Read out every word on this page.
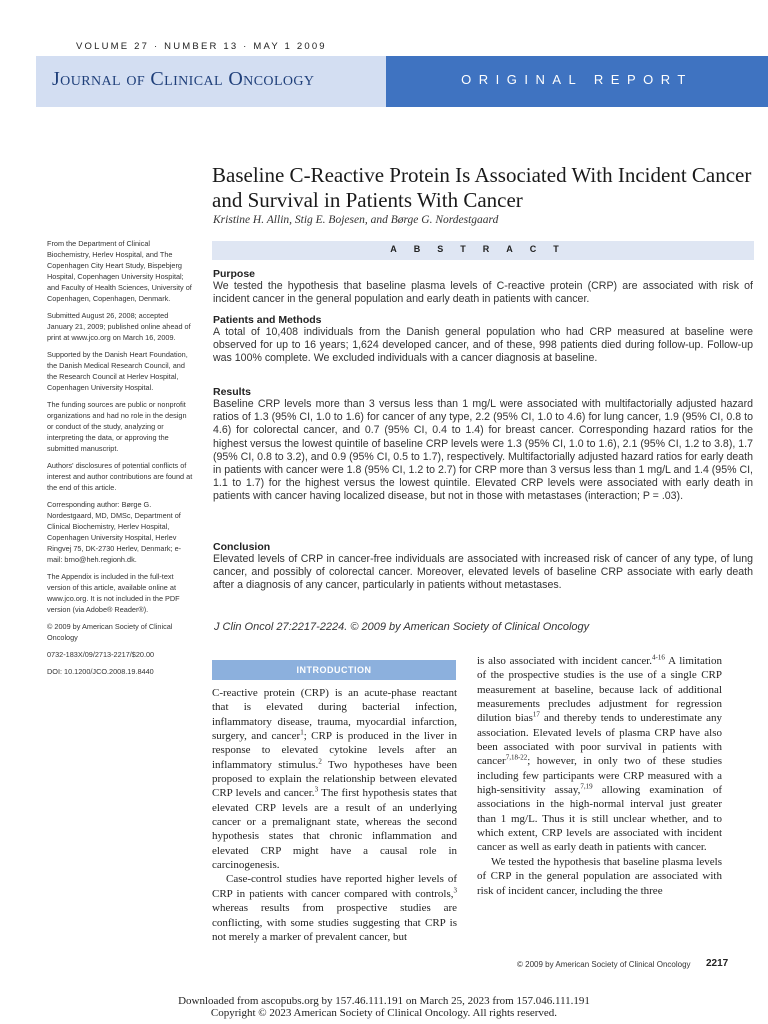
VOLUME 27 · NUMBER 13 · MAY 1 2009
Journal of Clinical Oncology	ORIGINAL REPORT
Baseline C-Reactive Protein Is Associated With Incident Cancer and Survival in Patients With Cancer
Kristine H. Allin, Stig E. Bojesen, and Børge G. Nordestgaard
ABSTRACT
Purpose
We tested the hypothesis that baseline plasma levels of C-reactive protein (CRP) are associated with risk of incident cancer in the general population and early death in patients with cancer.
Patients and Methods
A total of 10,408 individuals from the Danish general population who had CRP measured at baseline were observed for up to 16 years; 1,624 developed cancer, and of these, 998 patients died during follow-up. Follow-up was 100% complete. We excluded individuals with a cancer diagnosis at baseline.
Results
Baseline CRP levels more than 3 versus less than 1 mg/L were associated with multifactorially adjusted hazard ratios of 1.3 (95% CI, 1.0 to 1.6) for cancer of any type, 2.2 (95% CI, 1.0 to 4.6) for lung cancer, 1.9 (95% CI, 0.8 to 4.6) for colorectal cancer, and 0.7 (95% CI, 0.4 to 1.4) for breast cancer. Corresponding hazard ratios for the highest versus the lowest quintile of baseline CRP levels were 1.3 (95% CI, 1.0 to 1.6), 2.1 (95% CI, 1.2 to 3.8), 1.7 (95% CI, 0.8 to 3.2), and 0.9 (95% CI, 0.5 to 1.7), respectively. Multifactorially adjusted hazard ratios for early death in patients with cancer were 1.8 (95% CI, 1.2 to 2.7) for CRP more than 3 versus less than 1 mg/L and 1.4 (95% CI, 1.1 to 1.7) for the highest versus the lowest quintile. Elevated CRP levels were associated with early death in patients with cancer having localized disease, but not in those with metastases (interaction; P = .03).
Conclusion
Elevated levels of CRP in cancer-free individuals are associated with increased risk of cancer of any type, of lung cancer, and possibly of colorectal cancer. Moreover, elevated levels of baseline CRP associate with early death after a diagnosis of any cancer, particularly in patients without metastases.
J Clin Oncol 27:2217-2224. © 2009 by American Society of Clinical Oncology

From the Department of Clinical Biochemistry, Herlev Hospital, and The Copenhagen City Heart Study, Bispebjerg Hospital, Copenhagen University Hospital; and Faculty of Health Sciences, University of Copenhagen, Copenhagen, Denmark.

Submitted August 26, 2008; accepted January 21, 2009; published online ahead of print at www.jco.org on March 16, 2009.

Supported by the Danish Heart Foundation, the Danish Medical Research Council, and the Research Council at Herlev Hospital, Copenhagen University Hospital.

The funding sources are public or nonprofit organizations and had no role in the design or conduct of the study, analyzing or interpreting the data, or approving the submitted manuscript.

Authors' disclosures of potential conflicts of interest and author contributions are found at the end of this article.

Corresponding author: Børge G. Nordestgaard, MD, DMSc, Department of Clinical Biochemistry, Herlev Hospital, Copenhagen University Hospital, Herlev Ringvej 75, DK-2730 Herlev, Denmark; e-mail: brno@heh.regionh.dk.

The Appendix is included in the full-text version of this article, available online at www.jco.org. It is not included in the PDF version (via Adobe® Reader®).

© 2009 by American Society of Clinical Oncology

0732-183X/09/2713-2217/$20.00

DOI: 10.1200/JCO.2008.19.8440	INTRODUCTION

C-reactive protein (CRP) is an acute-phase reactant that is elevated during bacterial infection, inflammatory disease, trauma, myocardial infarction, surgery, and cancer$^1$; CRP is produced in the liver in response to elevated cytokine levels after an inflammatory stimulus.$^2$ Two hypotheses have been proposed to explain the relationship between elevated CRP levels and cancer.$^3$ The first hypothesis states that elevated CRP levels are a result of an underlying cancer or a premalignant state, whereas the second hypothesis states that chronic inflammation and elevated CRP might have a causal role in carcinogenesis.

Case-control studies have reported higher levels of CRP in patients with cancer compared with controls,$^3$ whereas results from prospective studies are conflicting, with some studies suggesting that CRP is not merely a marker of prevalent cancer, but

is also associated with incident cancer.$^{4-16}$ A limitation of the prospective studies is the use of a single CRP measurement at baseline, because lack of additional measurements precludes adjustment for regression dilution bias$^{17}$ and thereby tends to underestimate any association. Elevated levels of plasma CRP have also been associated with poor survival in patients with cancer$^{7,18-22}$; however, in only two of these studies including few participants were CRP measured with a high-sensitivity assay,$^{7,19}$ allowing examination of associations in the high-normal interval just greater than 1 mg/L. Thus it is still unclear whether, and to which extent, CRP levels are associated with incident cancer as well as early death in patients with cancer.

We tested the hypothesis that baseline plasma levels of CRP in the general population are associated with risk of incident cancer, including the three

© 2009 by American Society of Clinical Oncology 2217
Downloaded from ascopubs.org by 157.46.111.191 on March 25, 2023 from 157.046.111.191
Copyright © 2023 American Society of Clinical Oncology. All rights reserved.
